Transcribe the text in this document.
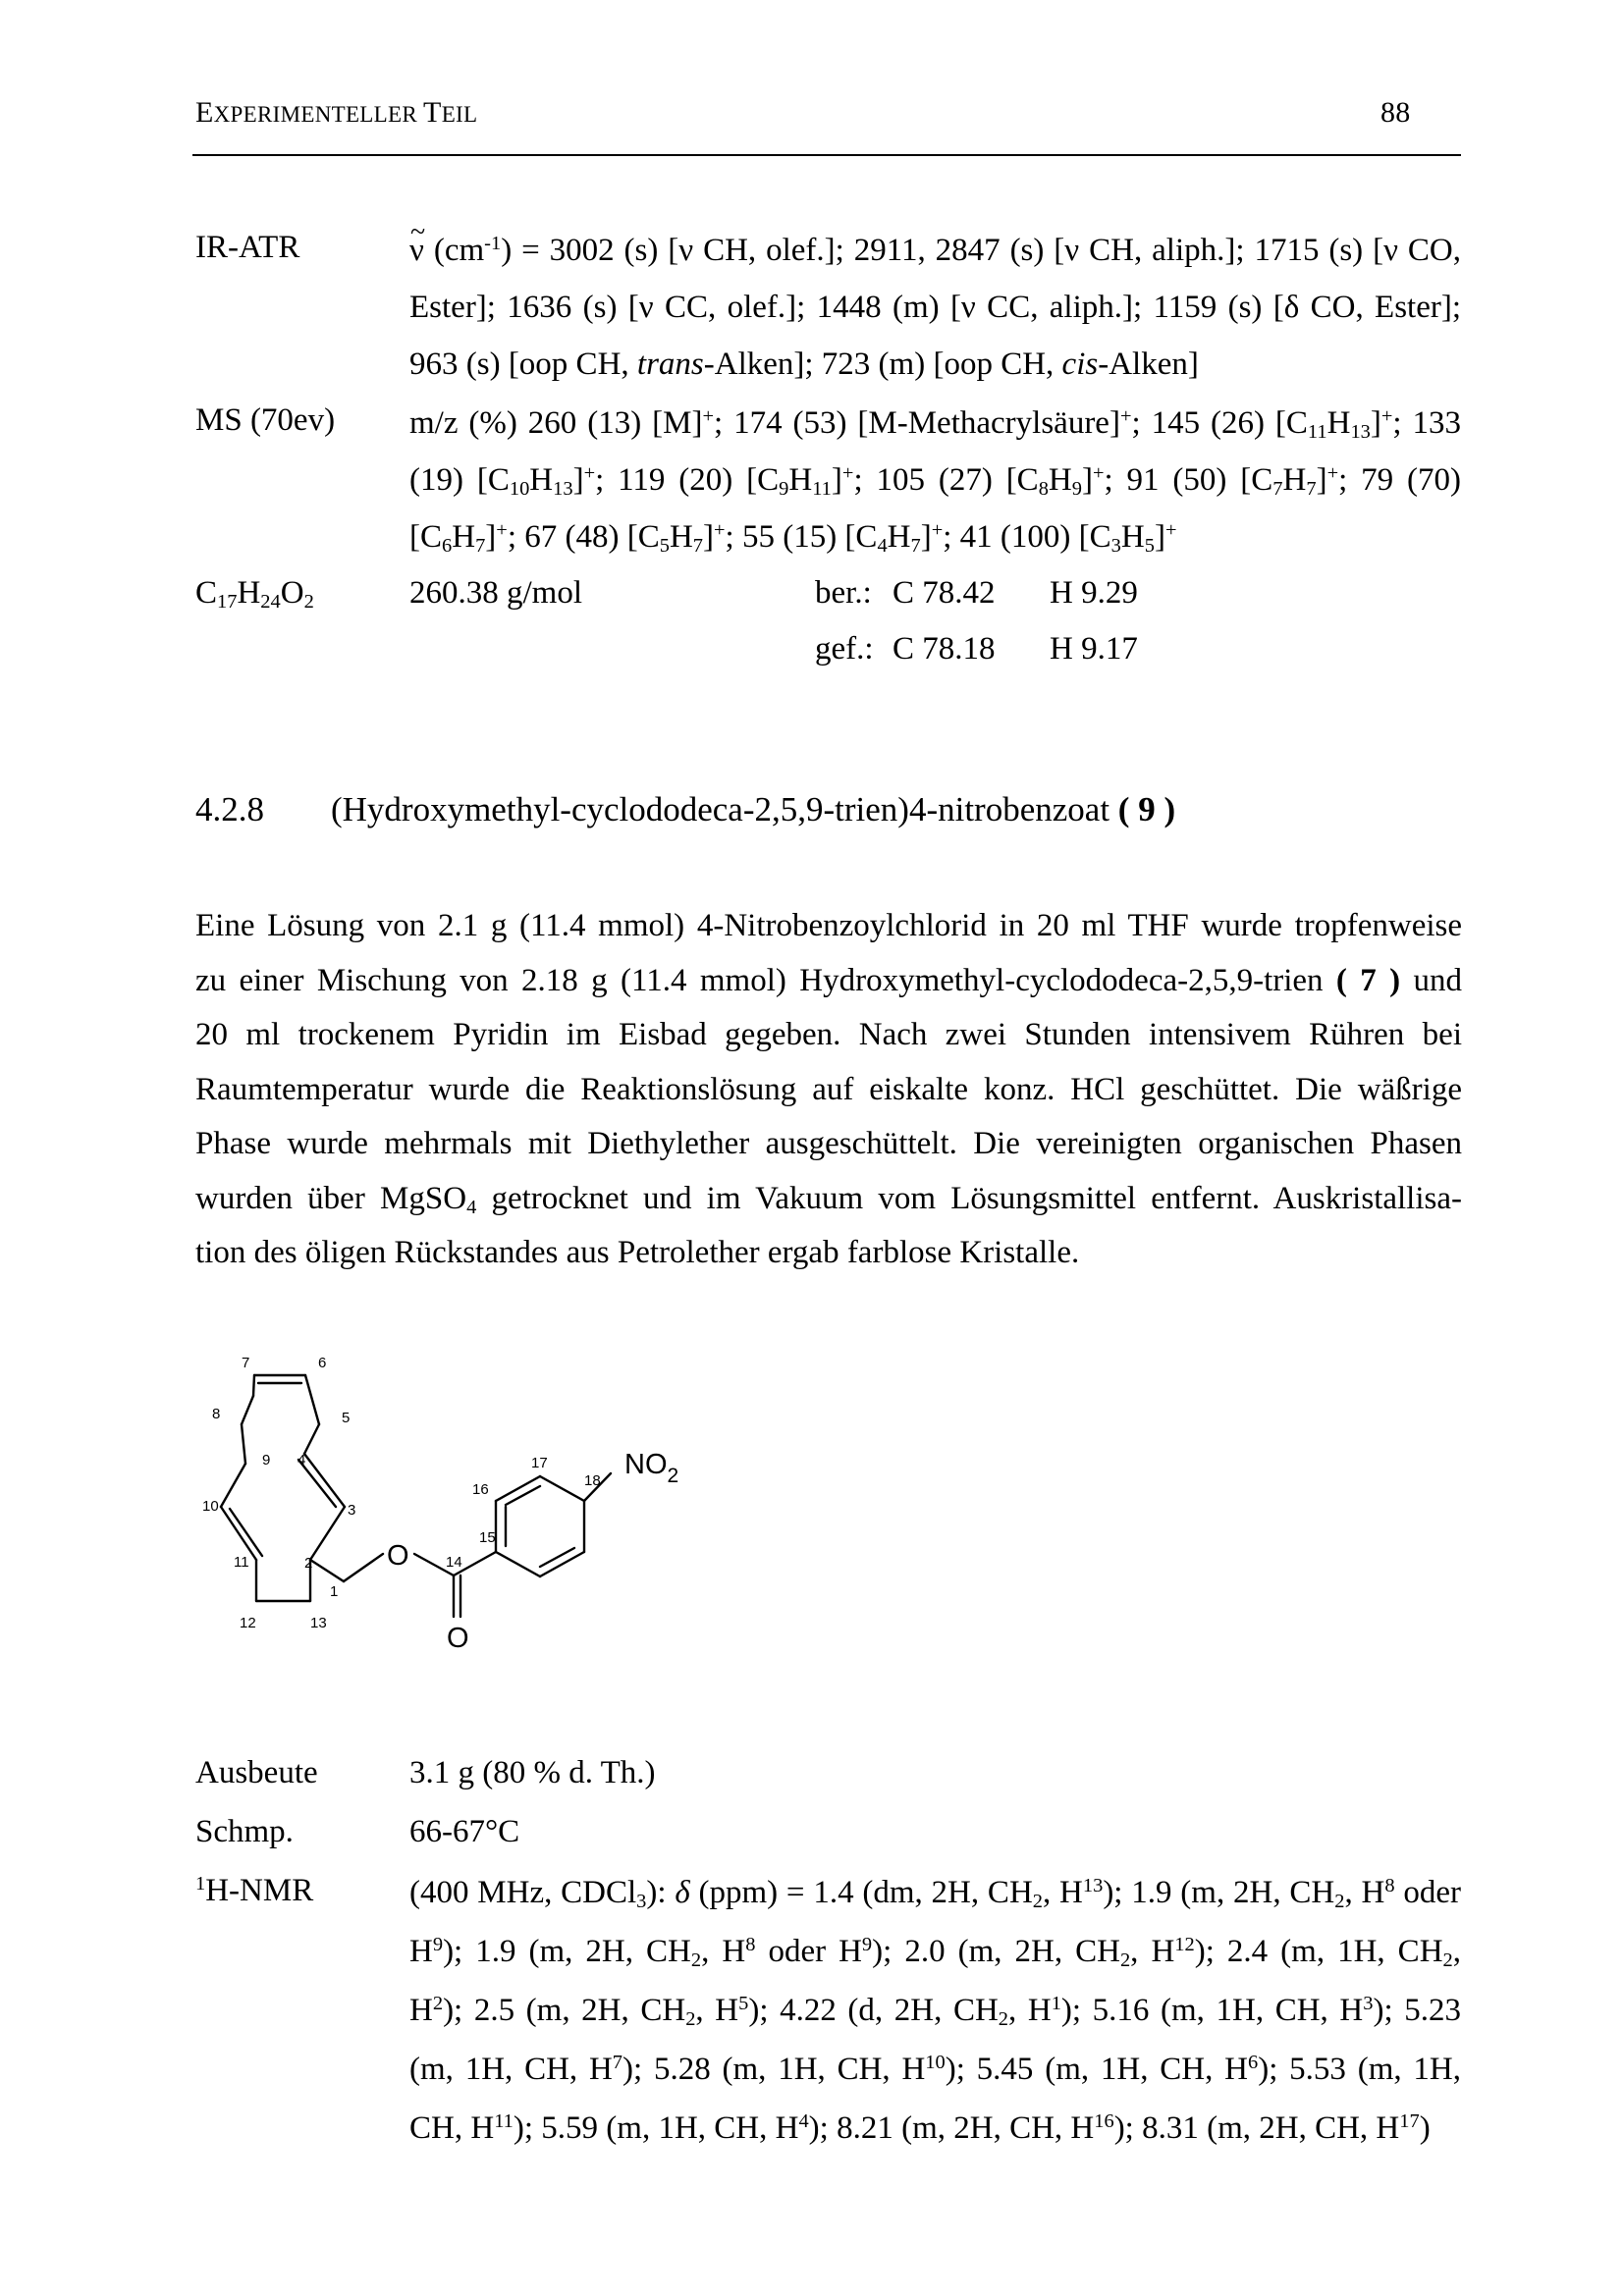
EXPERIMENTELLER TEIL	88
IR-ATR
~	ν $(cm^{-1}) = 3002$ (s) [ν CH, olef.]; 2911, 2847 (s) [ν CH, aliph.]; 1715 (s) [ν CO,
Ester]; 1636 (s) [ν CC, olef.]; 1448 (m) [ν CC, aliph.]; 1159 (s) [δ CO, Ester];
963 (s) [oop CH, trans-Alken]; 723 (m) [oop CH, cis-Alken]
MS (70ev) m/z (%) 260 (13) [M]+; 174 (53) [M-Methacrylsäure]+; 145 (26) $[C_{11}H_{13}]^+$; 133
(19) $[C_{10}H_{13}]^+$; 119 (20) $[C_9H_{11}]^+$; 105 (27) $[C_8H_9]^+$; 91 (50) $[C_7H_7]^+$; 79 (70)
$[C_6H_7]^+$; 67 (48) $[C_5H_7]^+$; 55 (15) $[C_4H_7]^+$; 41 (100) $[C_3H_5]^+$
$C_{17}H_{24}O_2$	260.38 g/mol	ber.: C 78.42 H 9.29
gef.: C 78.18 H 9.17
4.2.8 (Hydroxymethyl-cyclododeca-2,5,9-trien)4-nitrobenzoat ( 9 )
Eine Lösung von 2.1 g (11.4 mmol) 4-Nitrobenzoylchlorid in 20 ml THF wurde tropfenweise
zu einer Mischung von 2.18 g (11.4 mmol) Hydroxymethyl-cyclododeca-2,5,9-trien ( 7 ) und
20 ml trockenem Pyridin im Eisbad gegeben. Nach zwei Stunden intensivem Rühren bei
Raumtemperatur wurde die Reaktionslösung auf eiskalte konz. HCl geschüttet. Die wäßrige
Phase wurde mehrmals mit Diethylether ausgeschüttelt. Die vereinigten organischen Phasen
wurden über MgSO$_4$ getrocknet und im Vakuum vom Lösungsmittel entfernt. Auskristallisa-
tion des öligen Rückstandes aus Petrolether ergab farblose Kristalle.
1
2
3
4
5
6
7
8
9
10
11
12	13
14
15
16
17
18
O
O
$NO_2$
Ausbeute	3.1 g (80 % d. Th.)
Schmp.	66-67°C
$^1$H-NMR	(400 MHz, CDCl$_3$): δ (ppm) = 1.4 (dm, 2H, $CH_2$, $H^{13}$); 1.9 (m, 2H, $CH_2$, $H^8$ oder
$H^9$); 1.9 (m, 2H, $CH_2$, $H^8$ oder $H^9$); 2.0 (m, 2H, $CH_2$, $H^{12}$); 2.4 (m, 1H, $CH_2$,
$H^2$); 2.5 (m, 2H, $CH_2$, $H^5$); 4.22 (d, 2H, $CH_2$, $H^1$); 5.16 (m, 1H, CH, $H^3$); 5.23
(m, 1H, CH, $H^7$); 5.28 (m, 1H, CH, $H^{10}$); 5.45 (m, 1H, CH, $H^6$); 5.53 (m, 1H,
CH, $H^{11}$); 5.59 (m, 1H, CH, $H^4$); 8.21 (m, 2H, CH, $H^{16}$); 8.31 (m, 2H, CH, $H^{17}$)
